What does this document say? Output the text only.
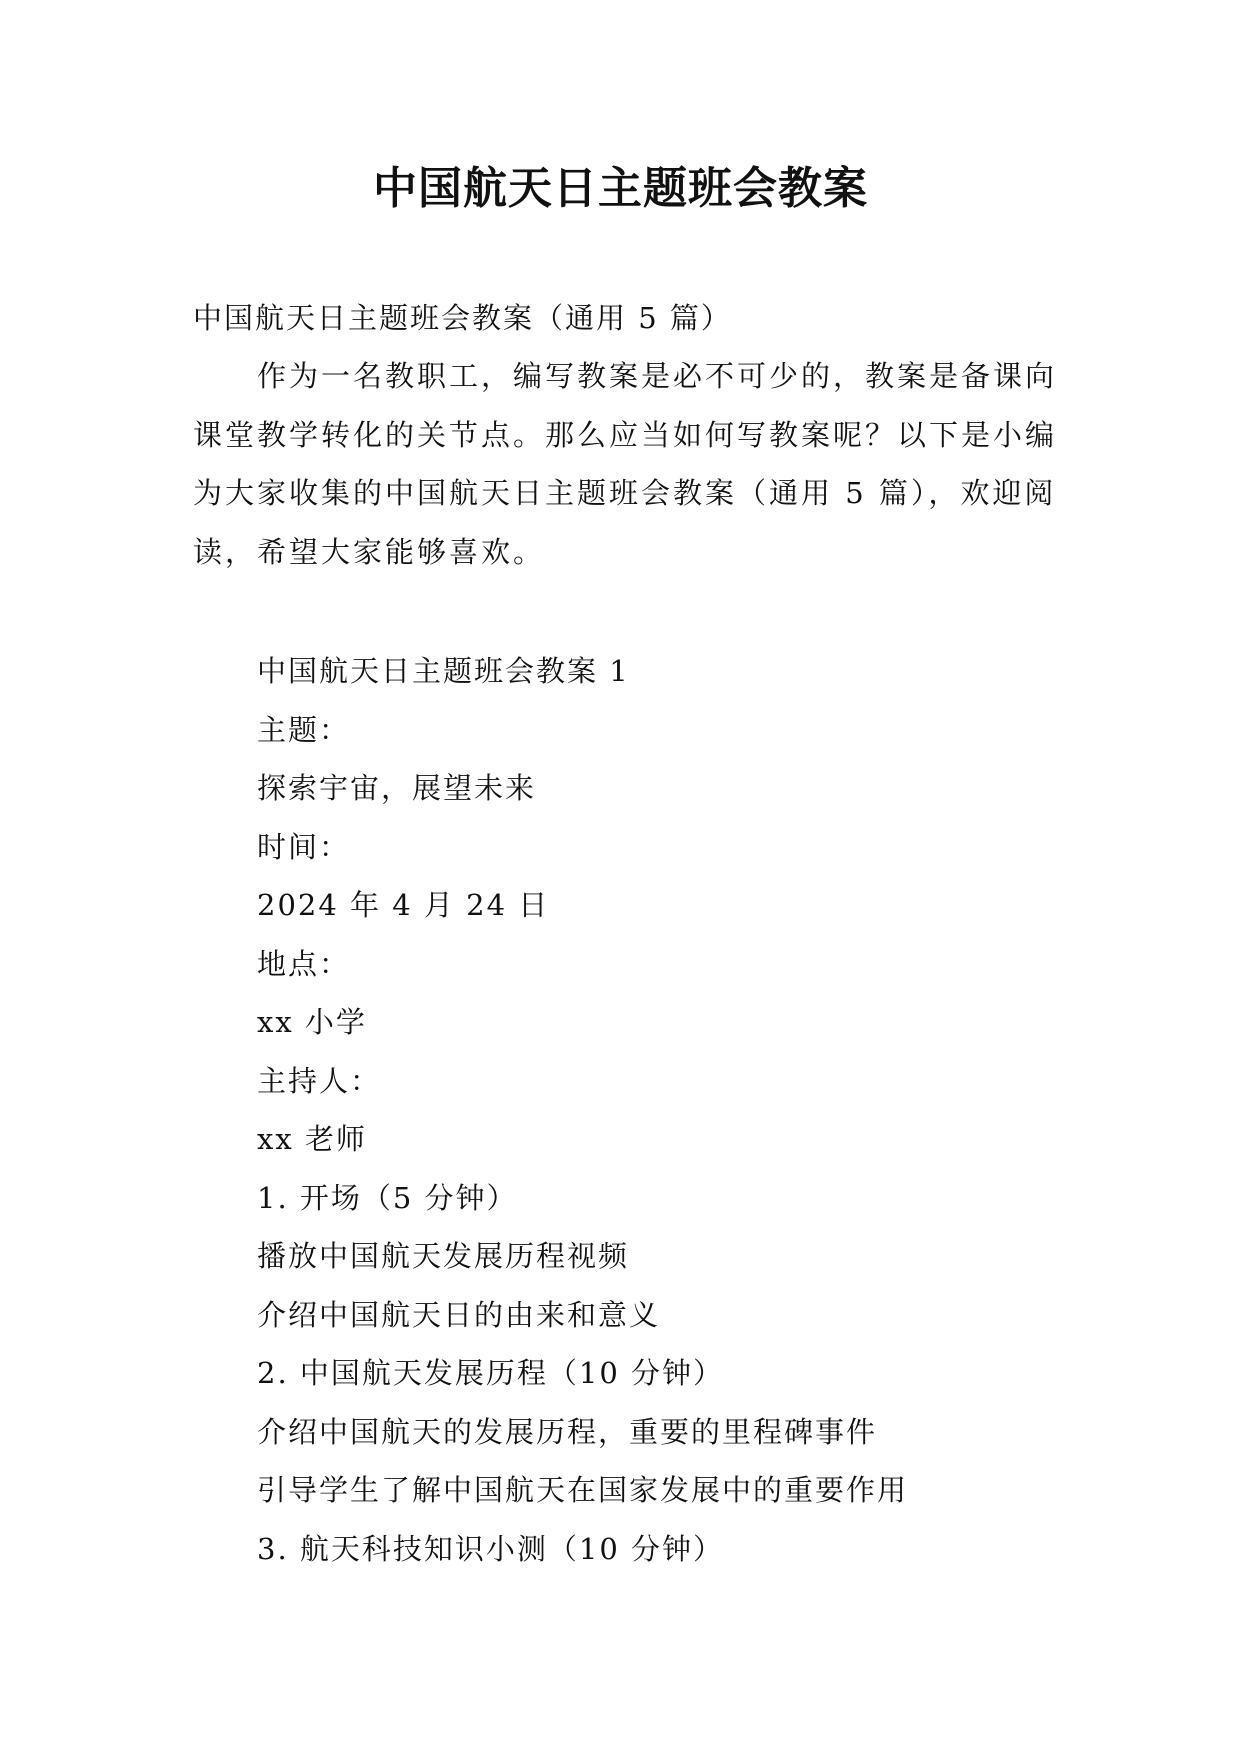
中国航天日主题班会教案

中国航天日主题班会教案（通用 5 篇）

作为一名教职工，编写教案是必不可少的，教案是备课向课堂教学转化的关节点。那么应当如何写教案呢？以下是小编为大家收集的中国航天日主题班会教案（通用 5 篇），欢迎阅读，希望大家能够喜欢。

中国航天日主题班会教案 1
主题：
探索宇宙，展望未来
时间：
2024 年 4 月 24 日
地点：
xx 小学
主持人：
xx 老师
1. 开场（5 分钟）
播放中国航天发展历程视频
介绍中国航天日的由来和意义
2. 中国航天发展历程（10 分钟）
介绍中国航天的发展历程，重要的里程碑事件
引导学生了解中国航天在国家发展中的重要作用
3. 航天科技知识小测（10 分钟）
